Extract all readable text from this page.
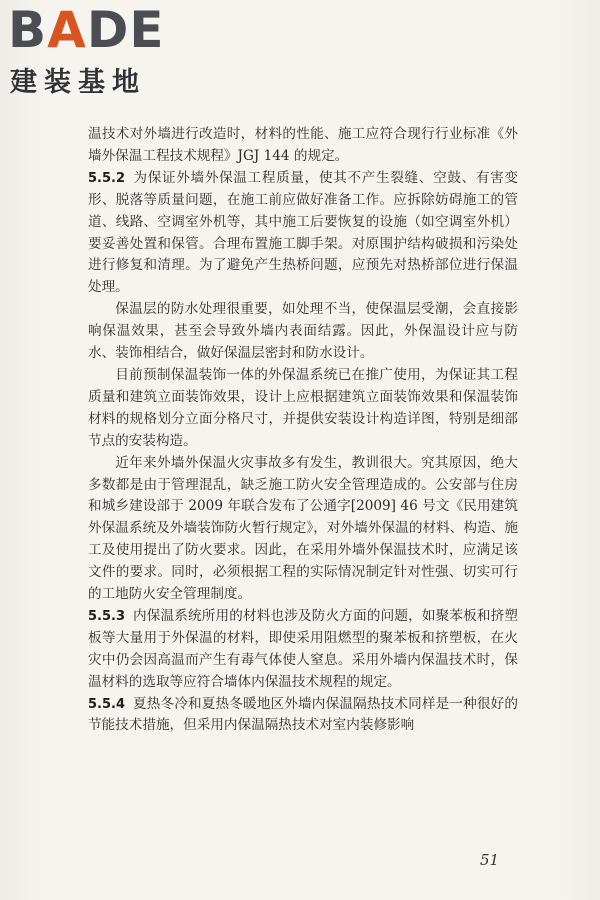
BADE
建装基地

温技术对外墙进行改造时，材料的性能、施工应符合现行行业标准《外墙外保温工程技术规程》JGJ 144 的规定。

5.5.2 为保证外墙外保温工程质量，使其不产生裂缝、空鼓、有害变形、脱落等质量问题，在施工前应做好准备工作。应拆除妨碍施工的管道、线路、空调室外机等，其中施工后要恢复的设施（如空调室外机）要妥善处置和保管。合理布置施工脚手架。对原围护结构破损和污染处进行修复和清理。为了避免产生热桥问题，应预先对热桥部位进行保温处理。

保温层的防水处理很重要，如处理不当，使保温层受潮，会直接影响保温效果，甚至会导致外墙内表面结露。因此，外保温设计应与防水、装饰相结合，做好保温层密封和防水设计。

目前预制保温装饰一体的外保温系统已在推广使用，为保证其工程质量和建筑立面装饰效果，设计上应根据建筑立面装饰效果和保温装饰材料的规格划分立面分格尺寸，并提供安装设计构造详图，特别是细部节点的安装构造。

近年来外墙外保温火灾事故多有发生，教训很大。究其原因，绝大多数都是由于管理混乱，缺乏施工防火安全管理造成的。公安部与住房和城乡建设部于 2009 年联合发布了公通字[2009] 46 号文《民用建筑外保温系统及外墙装饰防火暂行规定》，对外墙外保温的材料、构造、施工及使用提出了防火要求。因此，在采用外墙外保温技术时，应满足该文件的要求。同时，必须根据工程的实际情况制定针对性强、切实可行的工地防火安全管理制度。

5.5.3 内保温系统所用的材料也涉及防火方面的问题，如聚苯板和挤塑板等大量用于外保温的材料，即使采用阻燃型的聚苯板和挤塑板，在火灾中仍会因高温而产生有毒气体使人窒息。采用外墙内保温技术时，保温材料的选取等应符合墙体内保温技术规程的规定。

5.5.4 夏热冬冷和夏热冬暖地区外墙内保温隔热技术同样是一种很好的节能技术措施，但采用内保温隔热技术对室内装修影响

51
